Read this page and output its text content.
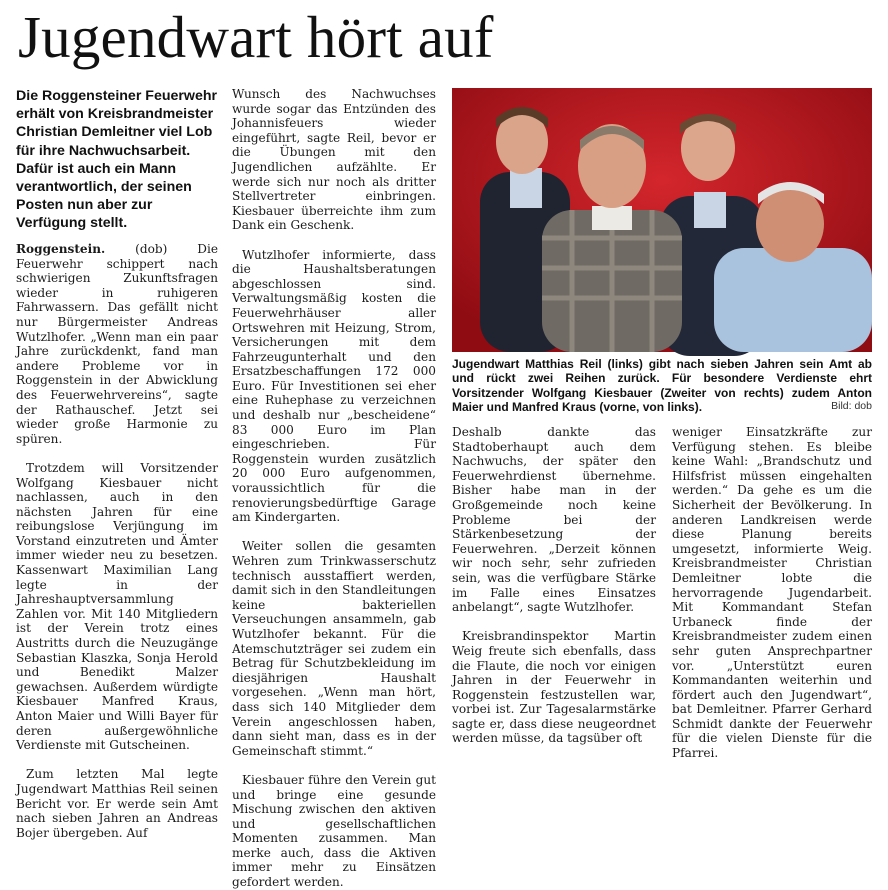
Jugendwart hört auf
Die Roggensteiner Feuerwehr erhält von Kreisbrandmeister Christian Demleitner viel Lob für ihre Nachwuchsarbeit. Dafür ist auch ein Mann verantwortlich, der seinen Posten nun aber zur Verfügung stellt.

Roggenstein. (dob) Die Feuerwehr schippert nach schwierigen Zukunftsfragen wieder in ruhigeren Fahrwassern. Das gefällt nicht nur Bürgermeister Andreas Wutzlhofer. „Wenn man ein paar Jahre zurückdenkt, fand man andere Probleme vor in Roggenstein in der Abwicklung des Feuerwehrvereins“, sagte der Rathauschef. Jetzt sei wieder große Harmonie zu spüren.

Trotzdem will Vorsitzender Wolfgang Kiesbauer nicht nachlassen, auch in den nächsten Jahren für eine reibungslose Verjüngung im Vorstand einzutreten und Ämter immer wieder neu zu besetzen. Kassenwart Maximilian Lang legte in der Jahreshauptversammlung Zahlen vor. Mit 140 Mitgliedern ist der Verein trotz eines Austritts durch die Neuzugänge Sebastian Klaszka, Sonja Herold und Benedikt Malzer gewachsen. Außerdem würdigte Kiesbauer Manfred Kraus, Anton Maier und Willi Bayer für deren außergewöhnliche Verdienste mit Gutscheinen.

Zum letzten Mal legte Jugendwart Matthias Reil seinen Bericht vor. Er werde sein Amt nach sieben Jahren an Andreas Bojer übergeben. Auf

Wunsch des Nachwuchses wurde sogar das Entzünden des Johannisfeuers wieder eingeführt, sagte Reil, bevor er die Übungen mit den Jugendlichen aufzählte. Er werde sich nur noch als dritter Stellvertreter einbringen. Kiesbauer überreichte ihm zum Dank ein Geschenk.

Wutzlhofer informierte, dass die Haushaltsberatungen abgeschlossen sind. Verwaltungsmäßig kosten die Feuerwehrhäuser aller Ortswehren mit Heizung, Strom, Versicherungen mit dem Fahrzeugunterhalt und den Ersatzbeschaffungen 172 000 Euro. Für Investitionen sei eher eine Ruhephase zu verzeichnen und deshalb nur „bescheidene“ 83 000 Euro im Plan eingeschrieben. Für Roggenstein wurden zusätzlich 20 000 Euro aufgenommen, voraussichtlich für die renovierungsbedürftige Garage am Kindergarten.

Weiter sollen die gesamten Wehren zum Trinkwasserschutz technisch ausstaffiert werden, damit sich in den Standleitungen keine bakteriellen Verseuchungen ansammeln, gab Wutzlhofer bekannt. Für die Atemschutzträger sei zudem ein Betrag für Schutzbekleidung im diesjährigen Haushalt vorgesehen. „Wenn man hört, dass sich 140 Mitglieder dem Verein angeschlossen haben, dann sieht man, dass es in der Gemeinschaft stimmt.“

Kiesbauer führe den Verein gut und bringe eine gesunde Mischung zwischen den aktiven und gesellschaftlichen Momenten zusammen. Man merke auch, dass die Aktiven immer mehr zu Einsätzen gefordert werden.

Jugendwart Matthias Reil (links) gibt nach sieben Jahren sein Amt ab und rückt zwei Reihen zurück. Für besondere Verdienste ehrt Vorsitzender Wolfgang Kiesbauer (Zweiter von rechts) zudem Anton Maier und Manfred Kraus (vorne, von links).	Bild: dob

Deshalb dankte das Stadtoberhaupt auch dem Nachwuchs, der später den Feuerwehrdienst übernehme. Bisher habe man in der Großgemeinde noch keine Probleme bei der Stärkenbesetzung der Feuerwehren. „Derzeit können wir noch sehr, sehr zufrieden sein, was die verfügbare Stärke im Falle eines Einsatzes anbelangt“, sagte Wutzlhofer.

Kreisbrandinspektor Martin Weig freute sich ebenfalls, dass die Flaute, die noch vor einigen Jahren in der Feuerwehr in Roggenstein festzustellen war, vorbei ist. Zur Tagesalarmstärke sagte er, dass diese neugeordnet werden müsse, da tagsüber oft

weniger Einsatzkräfte zur Verfügung stehen. Es bleibe keine Wahl: „Brandschutz und Hilfsfrist müssen eingehalten werden.“ Da gehe es um die Sicherheit der Bevölkerung. In anderen Landkreisen werde diese Planung bereits umgesetzt, informierte Weig. Kreisbrandmeister Christian Demleitner lobte die hervorragende Jugendarbeit. Mit Kommandant Stefan Urbaneck finde der Kreisbrandmeister zudem einen sehr guten Ansprechpartner vor. „Unterstützt euren Kommandanten weiterhin und fördert auch den Jugendwart“, bat Demleitner. Pfarrer Gerhard Schmidt dankte der Feuerwehr für die vielen Dienste für die Pfarrei.
